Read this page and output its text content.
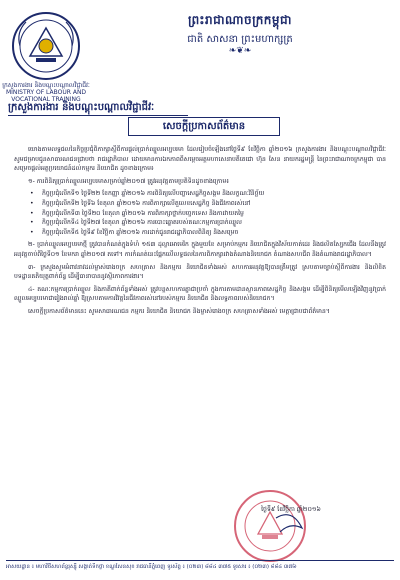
ក្រសួងការងារ និងបណ្តុះបណ្តាលវិជ្ជាជីវៈ
MINISTRY OF LABOUR AND VOCATIONAL TRAINING
ព្រះរាជាណាចក្រកម្ពុជា
ជាតិ សាសនា ព្រះមហាក្សត្រ
❧❦❧
ក្រសួងការងារ និងបណ្តុះបណ្តាលវិជ្ជាជីវៈ
សេចក្តីប្រកាសព័ត៌មាន

យោងតាមលទ្ធផលនៃកិច្ចប្រជុំពិភាក្សាស្តីពីការផ្តល់ប្រាក់ឈ្នួលអប្បបរមា ដែលរៀបចំឡើងនៅថ្ងៃទី៩ ខែវិច្ឆិកា ឆ្នាំ២០១៦ ក្រសួងការងារ និងបណ្តុះបណ្តាលវិជ្ជាជីវៈ សូមជម្រាបជូនសាធារណជនជ្រាបថា រាជរដ្ឋាភិបាល ដោយមានការឯកភាពពីសម្តេចអគ្គមហាសេនាបតីតេជោ ហ៊ុន សែន នាយករដ្ឋមន្ត្រី នៃព្រះរាជាណាចក្រកម្ពុជា បានសម្រេចផ្តល់អត្ថប្រយោជន៍ដល់កម្មករ និយោជិត ដូចខាងក្រោម៖

១- ការពិនិត្យប្រាក់ឈ្នួលអប្បបរមាសម្រាប់ឆ្នាំ២០១៧ ត្រូវអនុវត្តតាមប្រតិទិនដូចខាងក្រោម៖

• កិច្ចប្រជុំលើកទី១ ថ្ងៃទី២២ ខែកញ្ញា ឆ្នាំ២០១៦ ការពិនិត្យលើបញ្ហាសេដ្ឋកិច្ចសង្គម និងលក្ខណៈវិនិច្ឆ័យ
• កិច្ចប្រជុំលើកទី២ ថ្ងៃទី៦ ខែតុលា ឆ្នាំ២០១៦ ការពិភាក្សាលើតួលេខសេដ្ឋកិច្ច និងជីវភាពរស់នៅ
• កិច្ចប្រជុំលើកទី៣ ថ្ងៃទី២០ ខែតុលា ឆ្នាំ២០១៦ ការពិភាក្សាថ្នាក់បច្ចេកទេស និងការវាយតម្លៃ
• កិច្ចប្រជុំលើកទី៤ ថ្ងៃទី២៧ ខែតុលា ឆ្នាំ២០១៦ ការបោះឆ្នោតរបស់គណៈកម្មការប្រាក់ឈ្នួល
• កិច្ចប្រជុំលើកទី៥ ថ្ងៃទី៩ ខែវិច្ឆិកា ឆ្នាំ២០១៦ ការដាក់ជូនរាជរដ្ឋាភិបាលពិនិត្យ និងសម្រេច

២- ប្រាក់ឈ្នួលអប្បបរមាថ្មី ត្រូវបានកំណត់ក្នុងទំហំ ១៥៣ ដុល្លារអាមេរិក ក្នុងមួយខែ សម្រាប់កម្មករ និយោជិតក្នុងវិស័យកាត់ដេរ និងផលិតស្បែកជើង ដែលនឹងត្រូវអនុវត្តចាប់ពីថ្ងៃទី០១ ខែមករា ឆ្នាំ២០១៧ តទៅ។ ការកំណត់នេះផ្អែកលើលទ្ធផលនៃការពិភាក្សារវាងតំណាងនិយោជក តំណាងសហជីព និងតំណាងរាជរដ្ឋាភិបាល។

៣- ក្រសួងសូមអំពាវនាវដល់ម្ចាស់រោងចក្រ សហគ្រាស និងកម្មករ និយោជិតទាំងអស់ សហការអនុវត្តឱ្យបានត្រឹមត្រូវ ស្របតាមច្បាប់ស្តីពីការងារ និងលិខិតបទដ្ឋានគតិយុត្តពាក់ព័ន្ធ ដើម្បីធានាបាននូវស្ថិរភាពការងារ។

៤- គណៈកម្មការប្រាក់ឈ្នួល និងភាគីពាក់ព័ន្ធទាំងអស់ ត្រូវបន្តសហការគ្នាជាប្រចាំ ក្នុងការតាមដានស្ថានភាពសេដ្ឋកិច្ច និងសង្គម ដើម្បីពិនិត្យមើលឡើងវិញនូវប្រាក់ឈ្នួលអប្បបរមាជារៀងរាល់ឆ្នាំ ឱ្យស្របតាមការវិវត្តនៃជីវភាពរស់នៅរបស់កម្មករ និយោជិត និងលទ្ធភាពរបស់និយោជក។

សេចក្តីប្រកាសព័ត៌មាននេះ សូមសាធារណជន កម្មករ និយោជិត និយោជក និងម្ចាស់រោងចក្រ សហគ្រាសទាំងអស់ មេត្តាជ្រាបជាព័ត៌មាន។

ថ្ងៃទី៩ ខែវិច្ឆិកា ឆ្នាំ២០១៦
អាសយដ្ឋាន ៖ មហាវិថីសហព័ន្ធរុស្ស៊ី សង្កាត់ទឹកថ្លា ខណ្ឌសែនសុខ រាជធានីភ្នំពេញ ទូរស័ព្ទ ៖ (០២៣) ៨៨៤ ៣៧៥ ទូរសារ ៖ (០២៣) ៨៨៤ ៣៧៦
